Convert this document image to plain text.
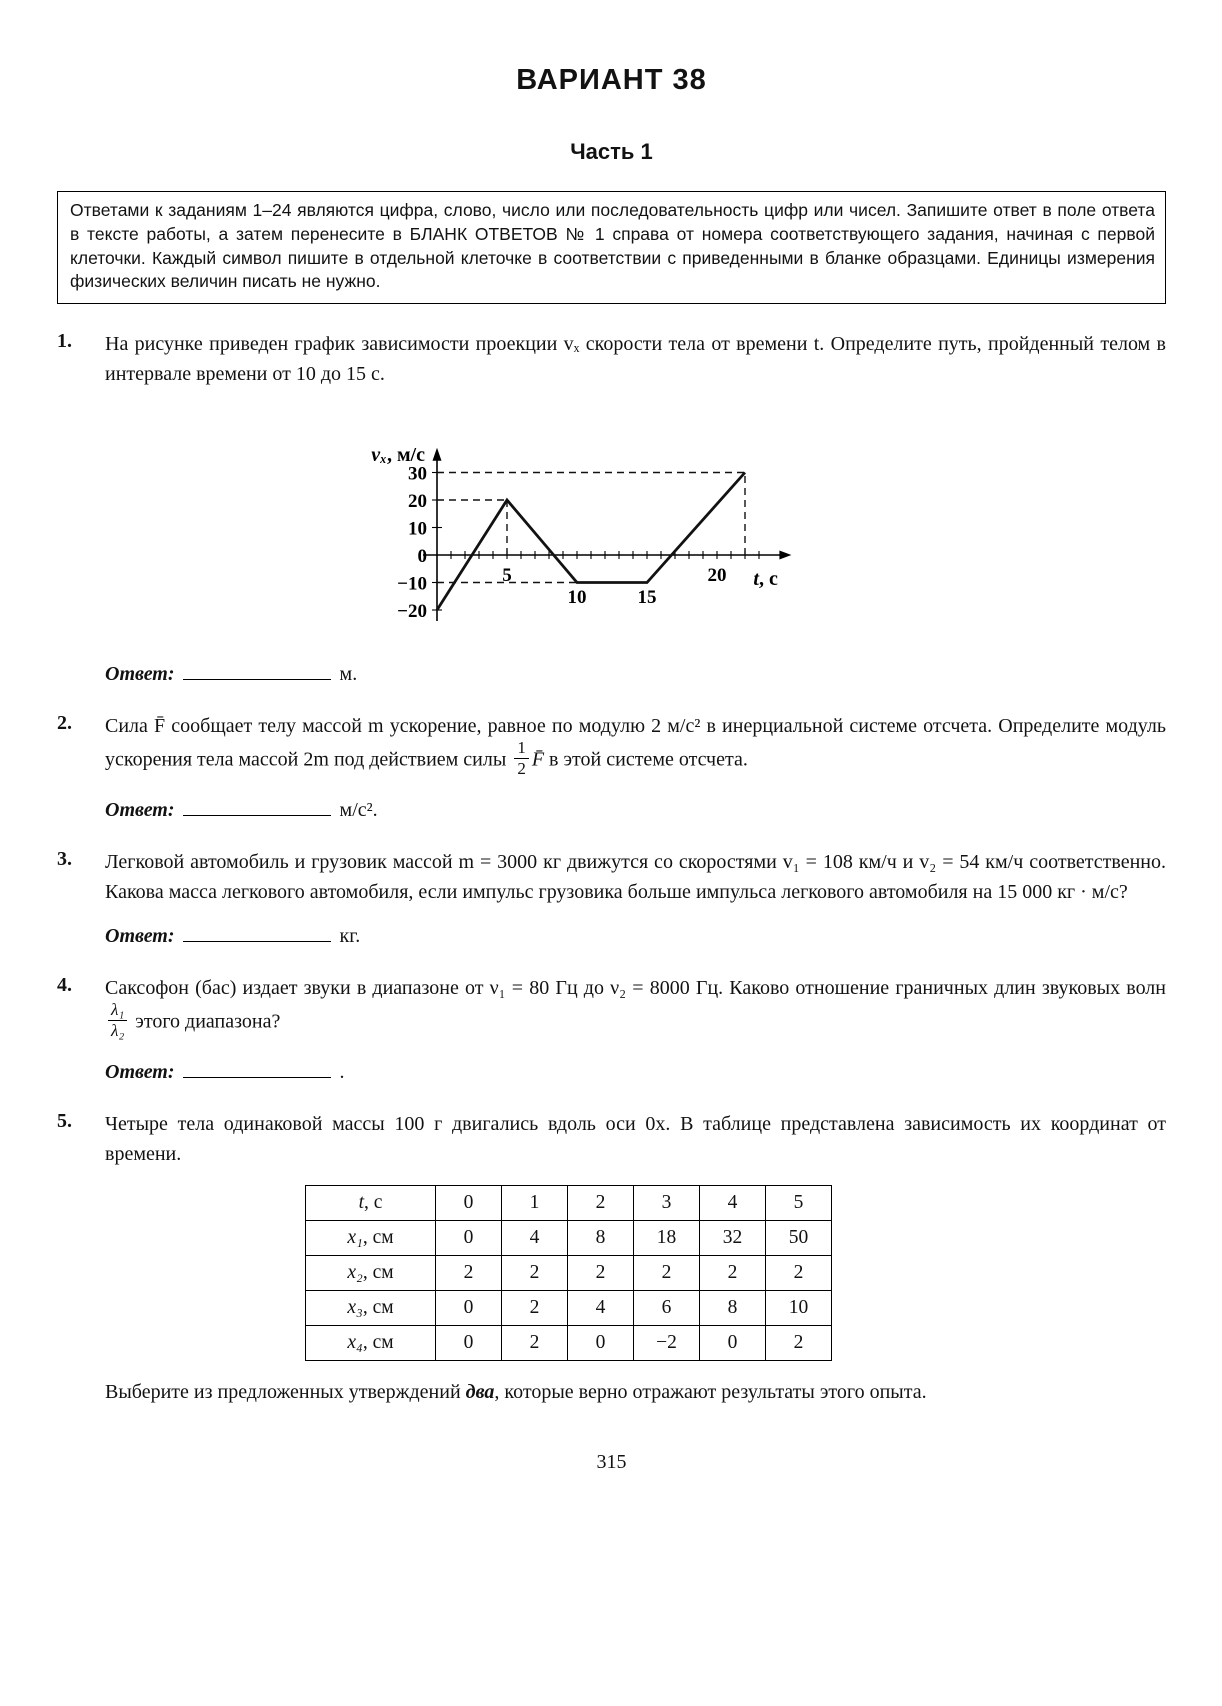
ВАРИАНТ 38
Часть 1

Ответами к заданиям 1–24 являются цифра, слово, число или последовательность цифр или чисел. Запишите ответ в поле ответа в тексте работы, а затем перенесите в БЛАНК ОТВЕТОВ № 1 справа от номера соответствующего задания, начиная с первой клеточки. Каждый символ пишите в отдельной клеточке в соответствии с приведенными в бланке образцами. Единицы измерения физических величин писать не нужно.

1.	На рисунке приведен график зависимости проекции vₓ скорости тела от времени t. Определите путь, пройденный телом в интервале времени от 10 до 15 с.

30
20
10
0
−10
−20
5
10	15
20
vₓ, м/с
t, с

Ответ:	м.

2.	Сила F̄ сообщает телу массой m ускорение, равное по модулю 2 м/с² в инерциальной системе отсчета. Определите модуль ускорения тела массой 2m под действием силы $\frac{1}{2}$ F̄ в этой системе отсчета.

Ответ:	м/с².

3.	Легковой автомобиль и грузовик массой m = 3000 кг движутся со скоростями v₁ = 108 км/ч и v₂ = 54 км/ч соответственно. Какова масса легкового автомобиля, если импульс грузовика больше импульса легкового автомобиля на 15 000 кг · м/с?

Ответ:	кг.

4.	Саксофон (бас) издает звуки в диапазоне от ν₁ = 80 Гц до ν₂ = 8000 Гц. Каково отношение граничных длин звуковых волн
$\frac{\text{λ₁}}{\text{λ₂}}$ этого диапазона?

Ответ:	.

5.	Четыре тела одинаковой массы 100 г двигались вдоль оси 0x. В таблице представлена зависимость их координат от времени.

t, с	0	1	2	3	4	5
x₁, см	0	4	8	18	32	50
x₂, см	2	2	2	2	2	2
x₃, см	0	2	4	6	8	10
x₄, см	0	2	0	−2	0	2

Выберите из предложенных утверждений два, которые верно отражают результаты этого опыта.

315
